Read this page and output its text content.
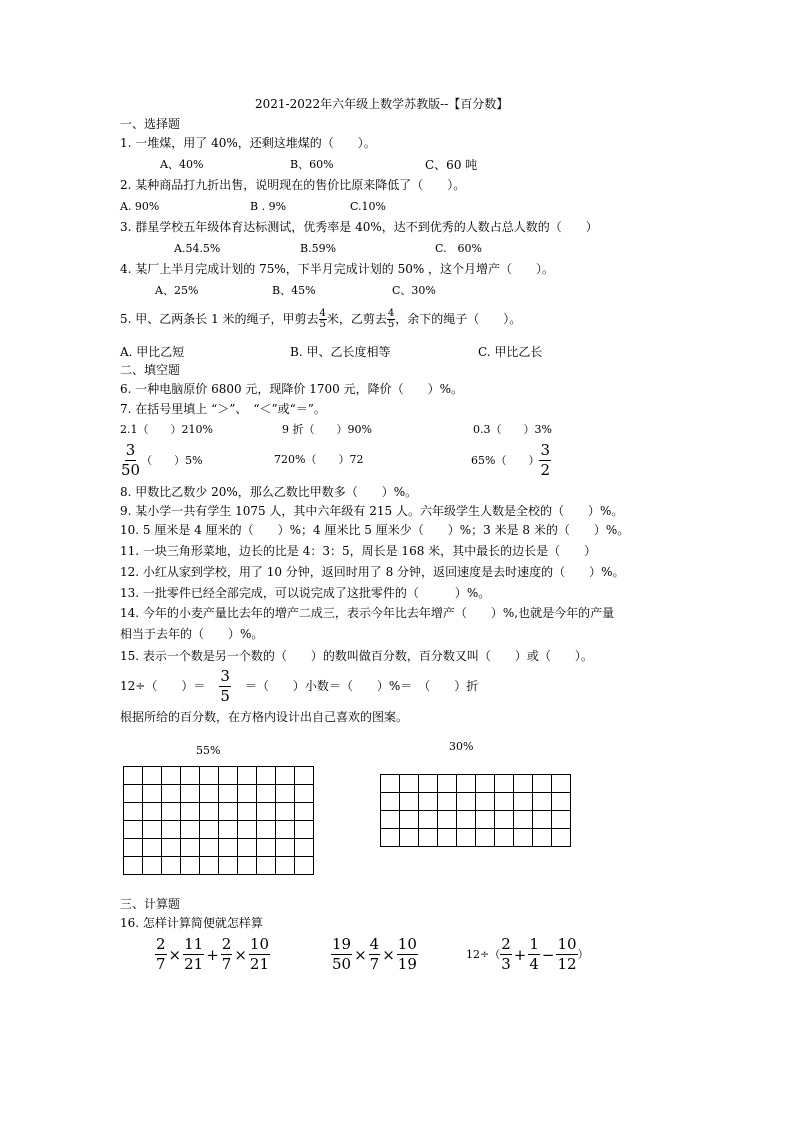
2021-2022年六年级上数学苏教版--【百分数】
一、选择题
1. 一堆煤，用了 40%，还剩这堆煤的（　　）。
A、40%	B、60%	C、60 吨
2. 某种商品打九折出售，说明现在的售价比原来降低了（　　）。
A. 90%	B . 9%	C.10%
3. 群星学校五年级体育达标测试，优秀率是 40%，达不到优秀的人数占总人数的（　　）
A.54.5%	B.59%	C.　60%
4. 某厂上半月完成计划的 75%，下半月完成计划的 50% ，这个月增产（　　）。
A、25%	B、45%	C、30%
5. 甲、乙两条长 1 米的绳子，甲剪去 $\frac{4}{5}$ 米，乙剪去 $\frac{4}{5}$ ，余下的绳子（　　）。
A. 甲比乙短	B. 甲、乙长度相等	C. 甲比乙长
二、填空题
6. 一种电脑原价 6800 元，现降价 1700 元，降价（　　）%。
7. 在括号里填上 “＞”、　“＜”或“＝”。
2.1（　　）210%	9 折（　　）90%	0.3（　　）3%
$\frac{3}{50}$ （　　）5%	720%（　　）72	65%（　　） $\frac{3}{2}$
8. 甲数比乙数少 20%，那么乙数比甲数多（　　）%。
9. 某小学一共有学生 1075 人，其中六年级有 215 人。六年级学生人数是全校的（　　）%。
10. 5 厘米是 4 厘米的（　　）%；4 厘米比 5 厘米少（　　）%；3 米是 8 米的（　　）%。
11. 一块三角形菜地，边长的比是 4：3：5，周长是 168 米，其中最长的边长是（　　）
12. 小红从家到学校，用了 10 分钟，返回时用了 8 分钟，返回速度是去时速度的（　　）%。
13. 一批零件已经全部完成，可以说完成了这批零件的（　　　）%。
14. 今年的小麦产量比去年的增产二成三，表示今年比去年增产（　　）%,也就是今年的产量
相当于去年的（　　）%。
15. 表示一个数是另一个数的（　　）的数叫做百分数，百分数又叫（　　）或（　　）。
12÷（　　）＝ $\frac{3}{5}$ ＝（　　）小数＝（　　）%＝　（　　）折
根据所给的百分数，在方格内设计出自己喜欢的图案。
55%	30%

三、计算题
16. 怎样计算简便就怎样算
$\frac{2}{7} \times \frac{11}{21} + \frac{2}{7} \times \frac{10}{21}$	$\frac{19}{50} \times \frac{4}{7} \times \frac{10}{19}$	$12\div( \frac{2}{3} + \frac{1}{4} - \frac{10}{12}$ ）
